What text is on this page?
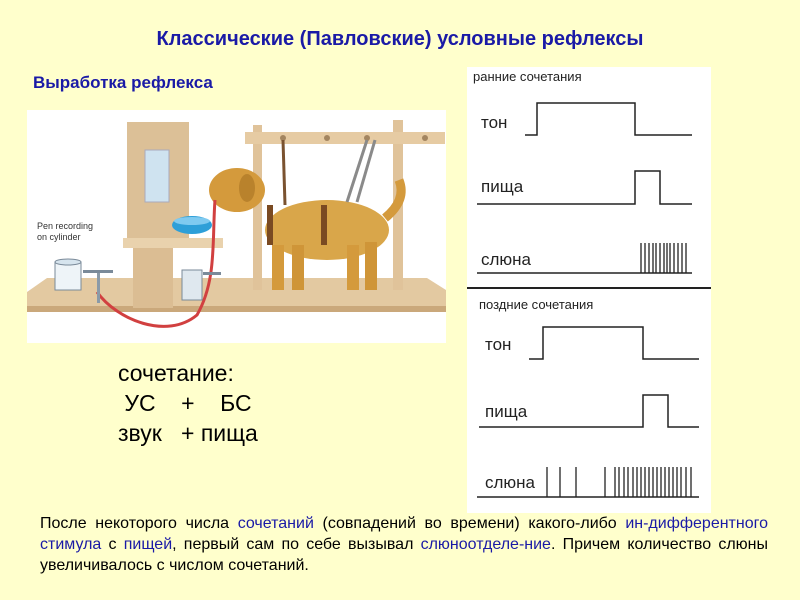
Классические (Павловские) условные рефлексы
Выработка рефлекса
Pen recording
on cylinder
сочетание:
УС    +    БС
звук   + пища
ранние сочетания
тон
пища
слюна
поздние сочетания
тон
пища
слюна
После некоторого числа сочетаний (совпадений во времени) какого-либо ин-дифферентного стимула с пищей, первый сам по себе вызывал слюноотделе-ние. Причем количество слюны увеличивалось с числом сочетаний.
